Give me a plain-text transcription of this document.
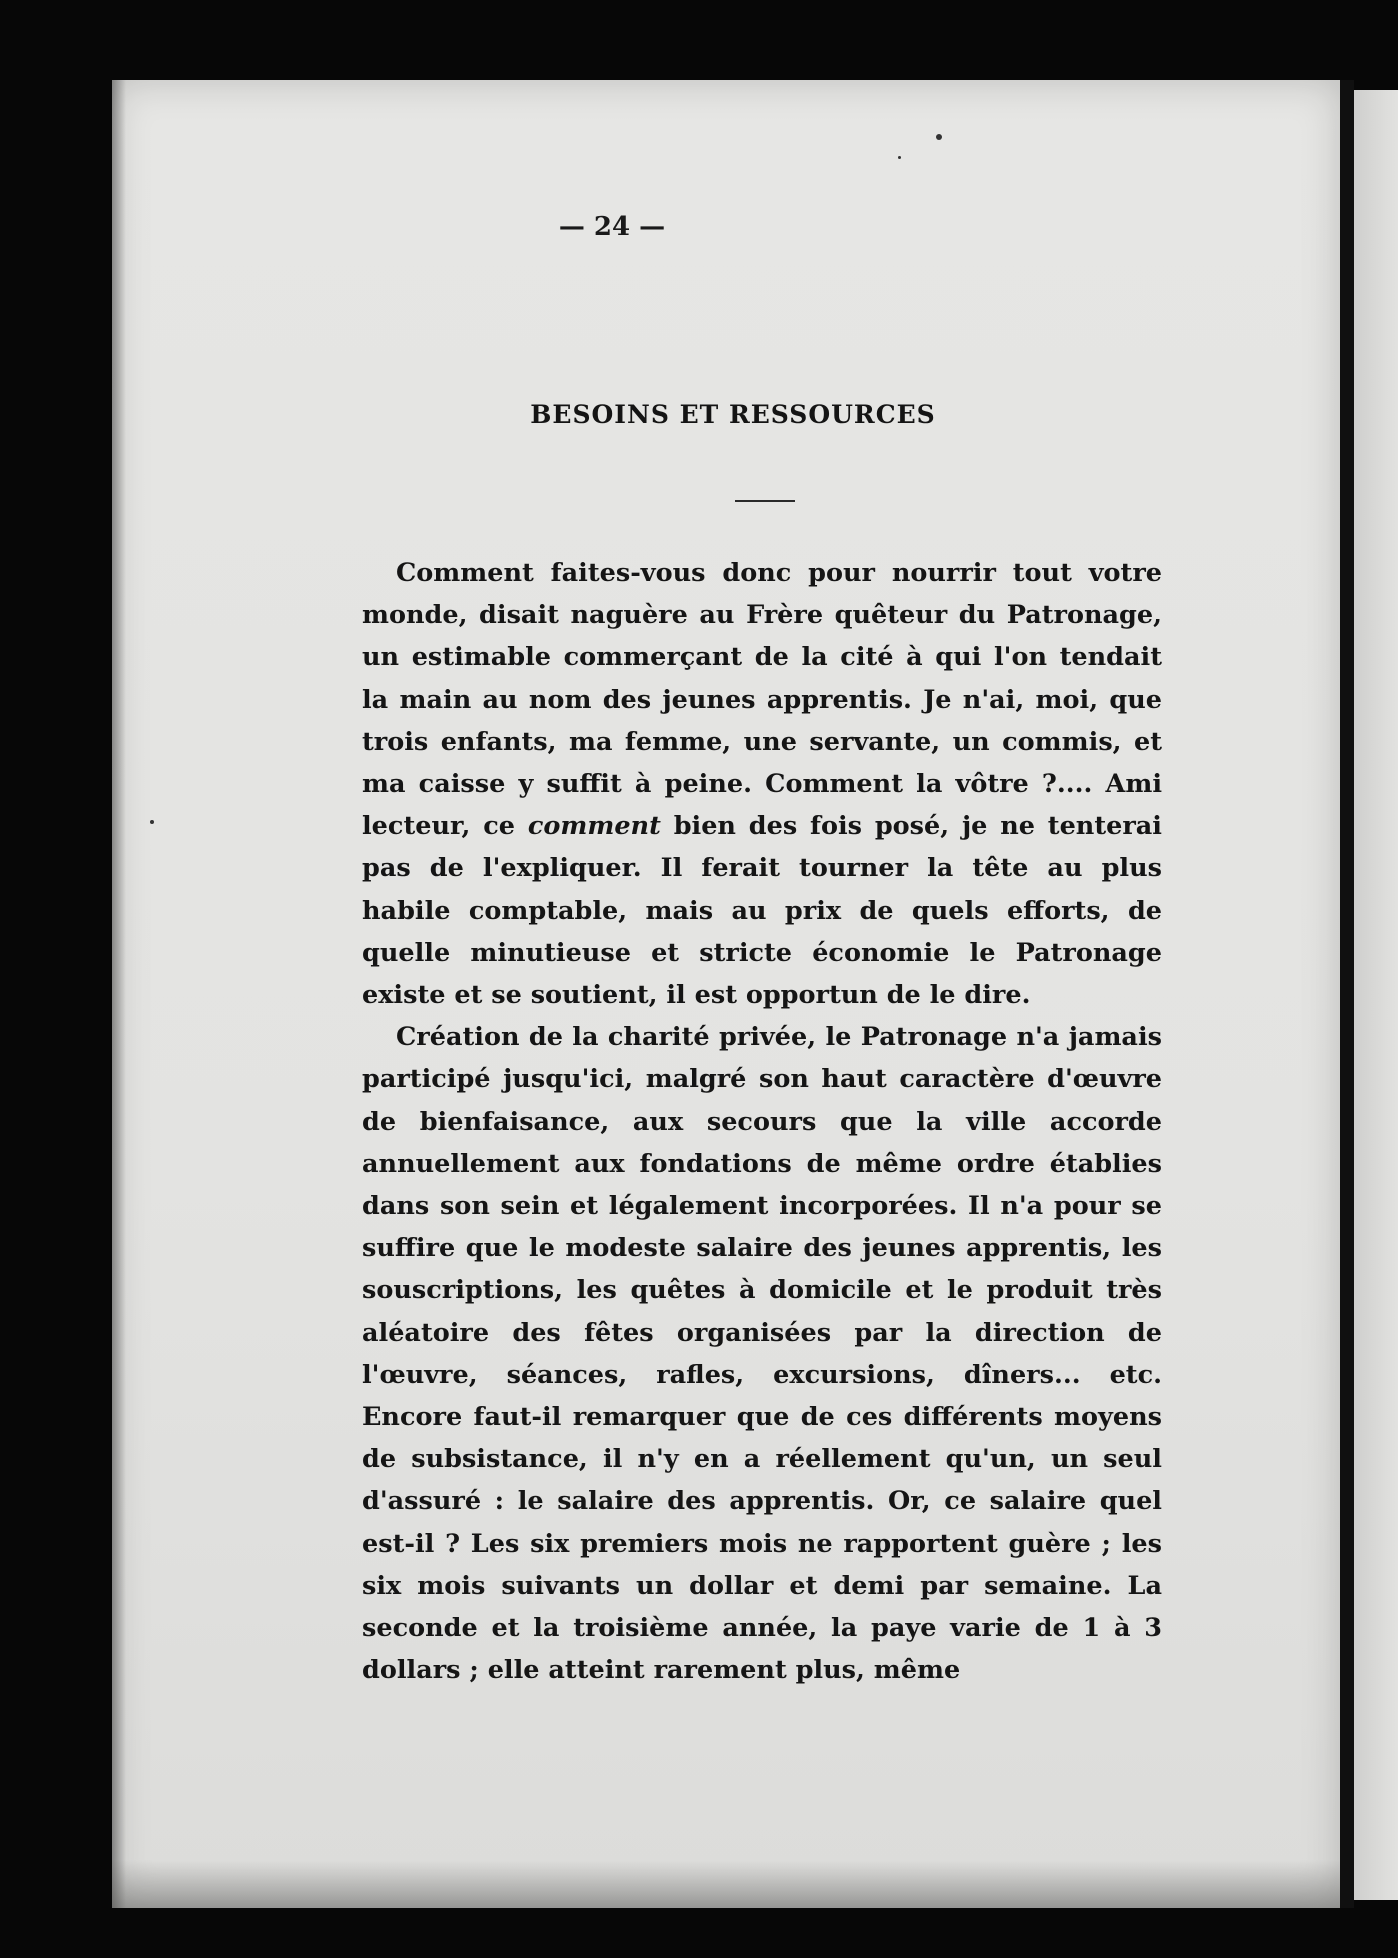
— 24 —
BESOINS ET RESSOURCES

Comment faites-vous donc pour nourrir tout votre monde, disait naguère au Frère quêteur du Patronage, un estimable commerçant de la cité à qui l'on tendait la main au nom des jeunes apprentis. Je n'ai, moi, que trois enfants, ma femme, une servante, un commis, et ma caisse y suffit à peine. Comment la vôtre ?.... Ami lecteur, ce comment bien des fois posé, je ne tenterai pas de l'expliquer. Il ferait tourner la tête au plus habile comptable, mais au prix de quels efforts, de quelle minutieuse et stricte économie le Patronage existe et se soutient, il est opportun de le dire.

Création de la charité privée, le Patronage n'a jamais participé jusqu'ici, malgré son haut caractère d'œuvre de bienfaisance, aux secours que la ville accorde annuellement aux fondations de même ordre établies dans son sein et légalement incorporées. Il n'a pour se suffire que le modeste salaire des jeunes apprentis, les souscriptions, les quêtes à domicile et le produit très aléatoire des fêtes organisées par la direction de l'œuvre, séances, rafles, excursions, dîners... etc. Encore faut-il remarquer que de ces différents moyens de subsistance, il n'y en a réellement qu'un, un seul d'assuré : le salaire des apprentis. Or, ce salaire quel est-il ? Les six premiers mois ne rapportent guère ; les six mois suivants un dollar et demi par semaine. La seconde et la troisième année, la paye varie de 1 à 3 dollars ; elle atteint rarement plus, même
